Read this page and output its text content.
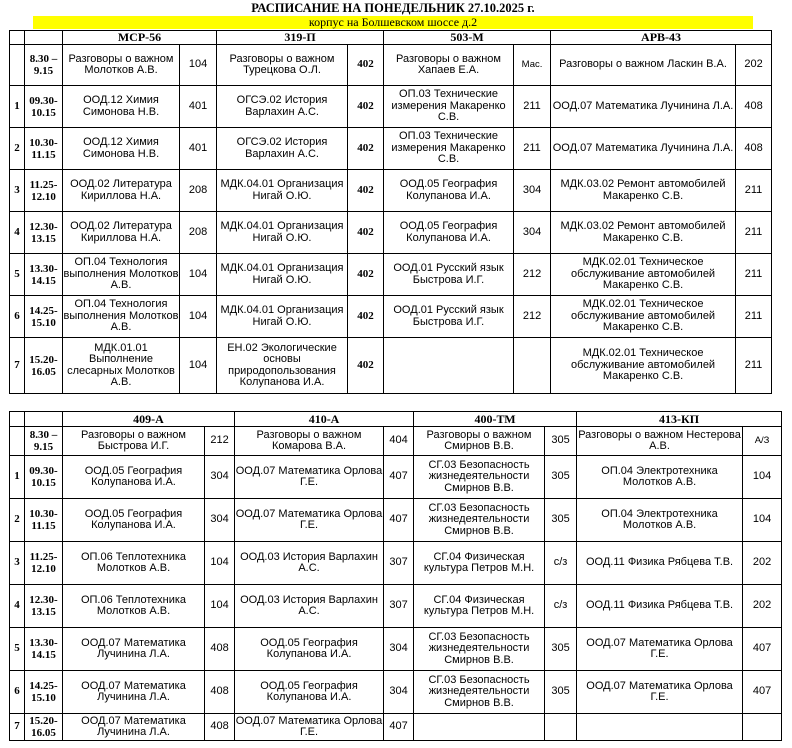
РАСПИСАНИЕ НА ПОНЕДЕЛЬНИК 27.10.2025 г.
корпус на Болшевском шоссе д.2
		МСР-56		319-П		503-М		АРВ-43	
	8.30 – 9.15	Разговоры о важном Молотков А.В.	104	Разговоры о важном Турецкова О.Л.	402	Разговоры о важном Хапаев Е.А.	Мас.	Разговоры о важном Ласкин В.А.	202
1	09.30-10.15	ООД.12 Химия Симонова Н.В.	401	ОГСЭ.02 История Варлахин А.С.	402	ОП.03 Технические измерения Макаренко С.В.	211	ООД.07 Математика Лучинина Л.А.	408
2	10.30-11.15	ООД.12 Химия Симонова Н.В.	401	ОГСЭ.02 История Варлахин А.С.	402	ОП.03 Технические измерения Макаренко С.В.	211	ООД.07 Математика Лучинина Л.А.	408
3	11.25-12.10	ООД.02 Литература Кириллова Н.А.	208	МДК.04.01 Организация Нигай О.Ю.	402	ООД.05 География Колупанова И.А.	304	МДК.03.02 Ремонт автомобилей Макаренко С.В.	211
4	12.30-13.15	ООД.02 Литература Кириллова Н.А.	208	МДК.04.01 Организация Нигай О.Ю.	402	ООД.05 География Колупанова И.А.	304	МДК.03.02 Ремонт автомобилей Макаренко С.В.	211
5	13.30-14.15	ОП.04 Технология выполнения Молотков А.В.	104	МДК.04.01 Организация Нигай О.Ю.	402	ООД.01 Русский язык Быстрова И.Г.	212	МДК.02.01 Техническое обслуживание автомобилей Макаренко С.В.	211
6	14.25-15.10	ОП.04 Технология выполнения Молотков А.В.	104	МДК.04.01 Организация Нигай О.Ю.	402	ООД.01 Русский язык Быстрова И.Г.	212	МДК.02.01 Техническое обслуживание автомобилей Макаренко С.В.	211
7	15.20-16.05	МДК.01.01 Выполнение слесарных Молотков А.В.	104	ЕН.02 Экологические основы природопользования Колупанова И.А.	402			МДК.02.01 Техническое обслуживание автомобилей Макаренко С.В.	211
		409-А		410-А		400-ТМ		413-КП	
	8.30 – 9.15	Разговоры о важном Быстрова И.Г.	212	Разговоры о важном Комарова В.А.	404	Разговоры о важном Смирнов В.В.	305	Разговоры о важном Нестерова А.В.	А/З
1	09.30-10.15	ООД.05 География Колупанова И.А.	304	ООД.07 Математика Орлова Г.Е.	407	СГ.03 Безопасность жизнедеятельности Смирнов В.В.	305	ОП.04 Электротехника Молотков А.В.	104
2	10.30-11.15	ООД.05 География Колупанова И.А.	304	ООД.07 Математика Орлова Г.Е.	407	СГ.03 Безопасность жизнедеятельности Смирнов В.В.	305	ОП.04 Электротехника Молотков А.В.	104
3	11.25-12.10	ОП.06 Теплотехника Молотков А.В.	104	ООД.03 История Варлахин А.С.	307	СГ.04 Физическая культура Петров М.Н.	с/з	ООД.11 Физика Рябцева Т.В.	202
4	12.30-13.15	ОП.06 Теплотехника Молотков А.В.	104	ООД.03 История Варлахин А.С.	307	СГ.04 Физическая культура Петров М.Н.	с/з	ООД.11 Физика Рябцева Т.В.	202
5	13.30-14.15	ООД.07 Математика Лучинина Л.А.	408	ООД.05 География Колупанова И.А.	304	СГ.03 Безопасность жизнедеятельности Смирнов В.В.	305	ООД.07 Математика Орлова Г.Е.	407
6	14.25-15.10	ООД.07 Математика Лучинина Л.А.	408	ООД.05 География Колупанова И.А.	304	СГ.03 Безопасность жизнедеятельности Смирнов В.В.	305	ООД.07 Математика Орлова Г.Е.	407
7	15.20-16.05	ООД.07 Математика Лучинина Л.А.	408	ООД.07 Математика Орлова Г.Е.	407				
